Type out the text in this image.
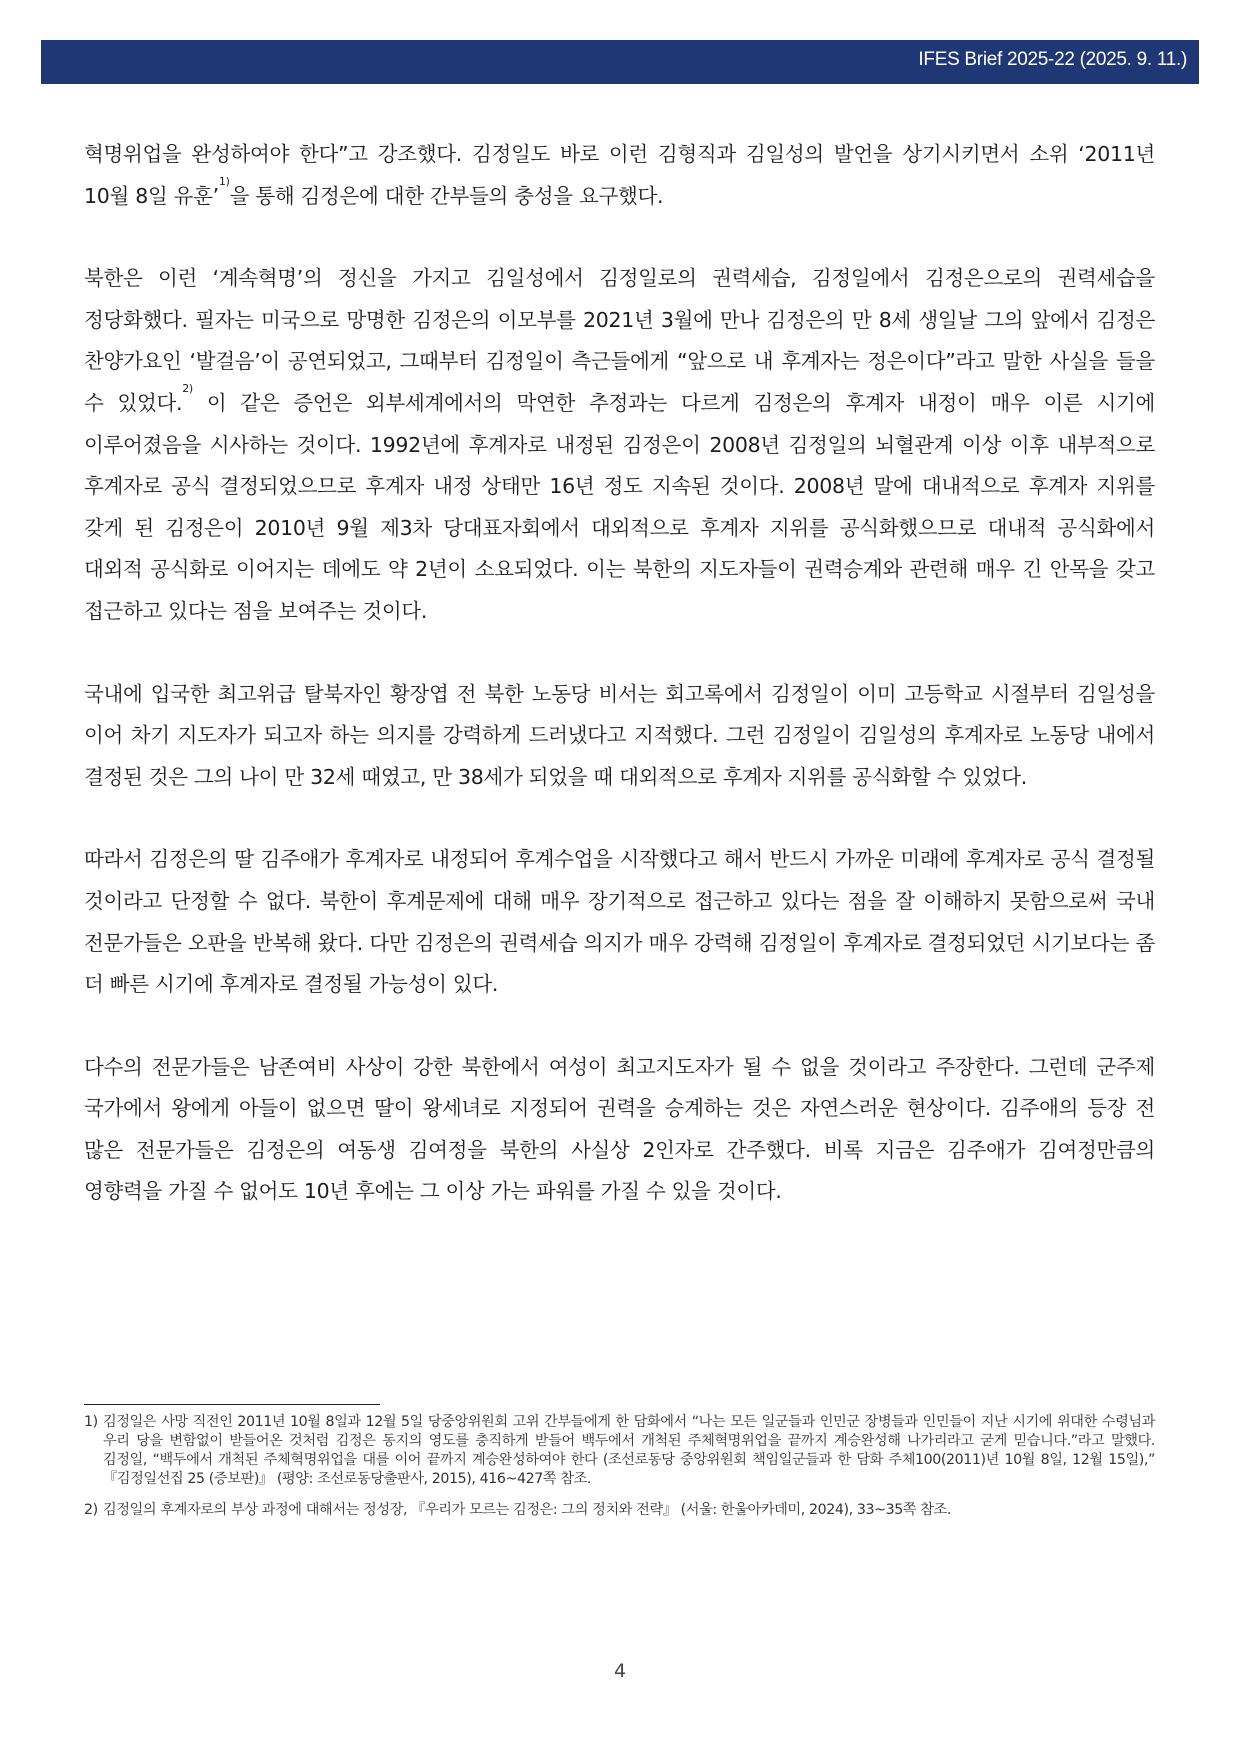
IFES Brief 2025-22 (2025. 9. 11.)

혁명위업을 완성하여야 한다”고 강조했다. 김정일도 바로 이런 김형직과 김일성의 발언을 상기시키면서 소위 ‘2011년 10월 8일 유훈’$^{1)}$을 통해 김정은에 대한 간부들의 충성을 요구했다.

북한은 이런 ‘계속혁명’의 정신을 가지고 김일성에서 김정일로의 권력세습, 김정일에서 김정은으로의 권력세습을 정당화했다. 필자는 미국으로 망명한 김정은의 이모부를 2021년 3월에 만나 김정은의 만 8세 생일날 그의 앞에서 김정은 찬양가요인 ‘발걸음’이 공연되었고, 그때부터 김정일이 측근들에게 “앞으로 내 후계자는 정은이다”라고 말한 사실을 들을 수 있었다.$^{2)}$ 이 같은 증언은 외부세계에서의 막연한 추정과는 다르게 김정은의 후계자 내정이 매우 이른 시기에 이루어졌음을 시사하는 것이다. 1992년에 후계자로 내정된 김정은이 2008년 김정일의 뇌혈관계 이상 이후 내부적으로 후계자로 공식 결정되었으므로 후계자 내정 상태만 16년 정도 지속된 것이다. 2008년 말에 대내적으로 후계자 지위를 갖게 된 김정은이 2010년 9월 제3차 당대표자회에서 대외적으로 후계자 지위를 공식화했으므로 대내적 공식화에서 대외적 공식화로 이어지는 데에도 약 2년이 소요되었다. 이는 북한의 지도자들이 권력승계와 관련해 매우 긴 안목을 갖고 접근하고 있다는 점을 보여주는 것이다.

국내에 입국한 최고위급 탈북자인 황장엽 전 북한 노동당 비서는 회고록에서 김정일이 이미 고등학교 시절부터 김일성을 이어 차기 지도자가 되고자 하는 의지를 강력하게 드러냈다고 지적했다. 그런 김정일이 김일성의 후계자로 노동당 내에서 결정된 것은 그의 나이 만 32세 때였고, 만 38세가 되었을 때 대외적으로 후계자 지위를 공식화할 수 있었다.

따라서 김정은의 딸 김주애가 후계자로 내정되어 후계수업을 시작했다고 해서 반드시 가까운 미래에 후계자로 공식 결정될 것이라고 단정할 수 없다. 북한이 후계문제에 대해 매우 장기적으로 접근하고 있다는 점을 잘 이해하지 못함으로써 국내 전문가들은 오판을 반복해 왔다. 다만 김정은의 권력세습 의지가 매우 강력해 김정일이 후계자로 결정되었던 시기보다는 좀 더 빠른 시기에 후계자로 결정될 가능성이 있다.

다수의 전문가들은 남존여비 사상이 강한 북한에서 여성이 최고지도자가 될 수 없을 것이라고 주장한다. 그런데 군주제 국가에서 왕에게 아들이 없으면 딸이 왕세녀로 지정되어 권력을 승계하는 것은 자연스러운 현상이다. 김주애의 등장 전 많은 전문가들은 김정은의 여동생 김여정을 북한의 사실상 2인자로 간주했다. 비록 지금은 김주애가 김여정만큼의 영향력을 가질 수 없어도 10년 후에는 그 이상 가는 파워를 가질 수 있을 것이다.

1) 김정일은 사망 직전인 2011년 10월 8일과 12월 5일 당중앙위원회 고위 간부들에게 한 담화에서 “나는 모든 일군들과 인민군 장병들과 인민들이 지난 시기에 위대한 수령님과 우리 당을 변함없이 받들어온 것처럼 김정은 동지의 영도를 충직하게 받들어 백두에서 개척된 주체혁명위업을 끝까지 계승완성해 나가리라고 굳게 믿습니다.”라고 말했다. 김정일, “백두에서 개척된 주체혁명위업을 대를 이어 끝까지 계승완성하여야 한다 (조선로동당 중앙위원회 책임일군들과 한 담화 주체100(2011)년 10월 8일, 12월 15일),” 『김정일선집 25 (증보판)』 (평양: 조선로동당출판사, 2015), 416~427쪽 참조.
2) 김정일의 후계자로의 부상 과정에 대해서는 정성장, 『우리가 모르는 김정은: 그의 정치와 전략』 (서울: 한울아카데미, 2024), 33~35쪽 참조.
4
